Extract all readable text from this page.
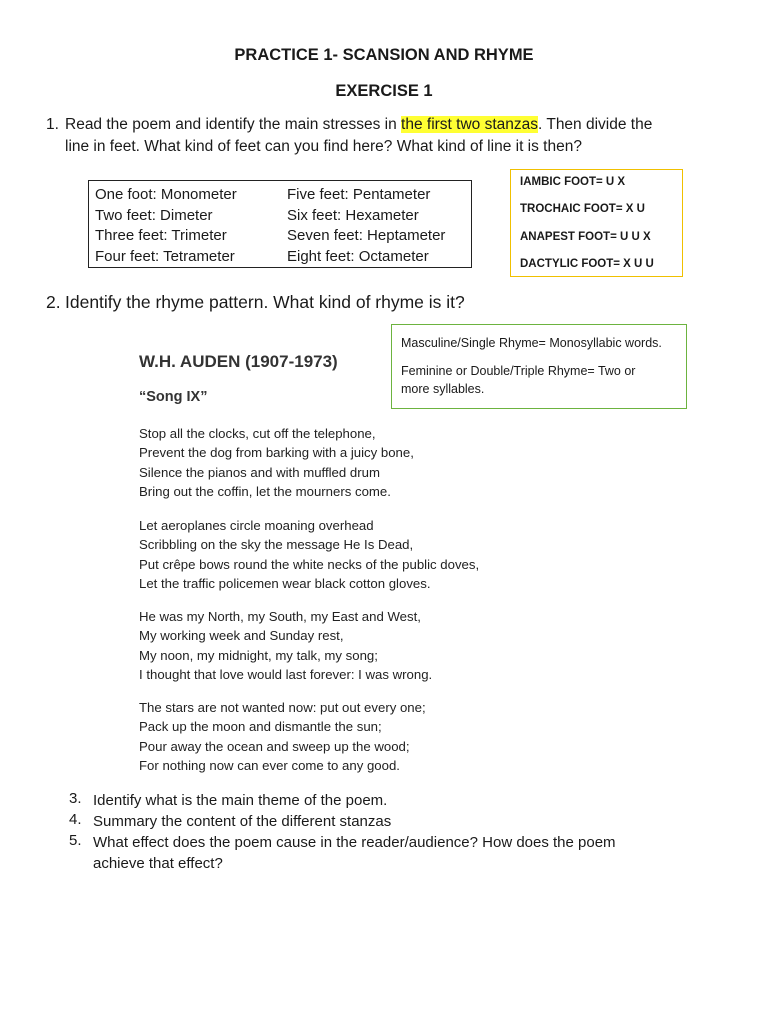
PRACTICE 1- SCANSION AND RHYME
EXERCISE 1
1. Read the poem and identify the main stresses in the first two stanzas. Then divide the
line in feet. What kind of feet can you find here? What kind of line it is then?
One foot: Monometer	Five feet: Pentameter
Two feet: Dimeter	Six feet: Hexameter
Three feet: Trimeter	Seven feet: Heptameter
Four feet: Tetrameter	Eight feet: Octameter
IAMBIC FOOT= U X
TROCHAIC FOOT= X U
ANAPEST FOOT= U U X
DACTYLIC FOOT= X U U
2. Identify the rhyme pattern. What kind of rhyme is it?
Masculine/Single Rhyme= Monosyllabic words.
Feminine or Double/Triple Rhyme= Two or
more syllables.
W.H. AUDEN (1907-1973)
“Song IX”
Stop all the clocks, cut off the telephone,
Prevent the dog from barking with a juicy bone,
Silence the pianos and with muffled drum
Bring out the coffin, let the mourners come.
Let aeroplanes circle moaning overhead
Scribbling on the sky the message He Is Dead,
Put crêpe bows round the white necks of the public doves,
Let the traffic policemen wear black cotton gloves.
He was my North, my South, my East and West,
My working week and Sunday rest,
My noon, my midnight, my talk, my song;
I thought that love would last forever: I was wrong.
The stars are not wanted now: put out every one;
Pack up the moon and dismantle the sun;
Pour away the ocean and sweep up the wood;
For nothing now can ever come to any good.
3. Identify what is the main theme of the poem.
4. Summary the content of the different stanzas
5. What effect does the poem cause in the reader/audience? How does the poem
achieve that effect?
